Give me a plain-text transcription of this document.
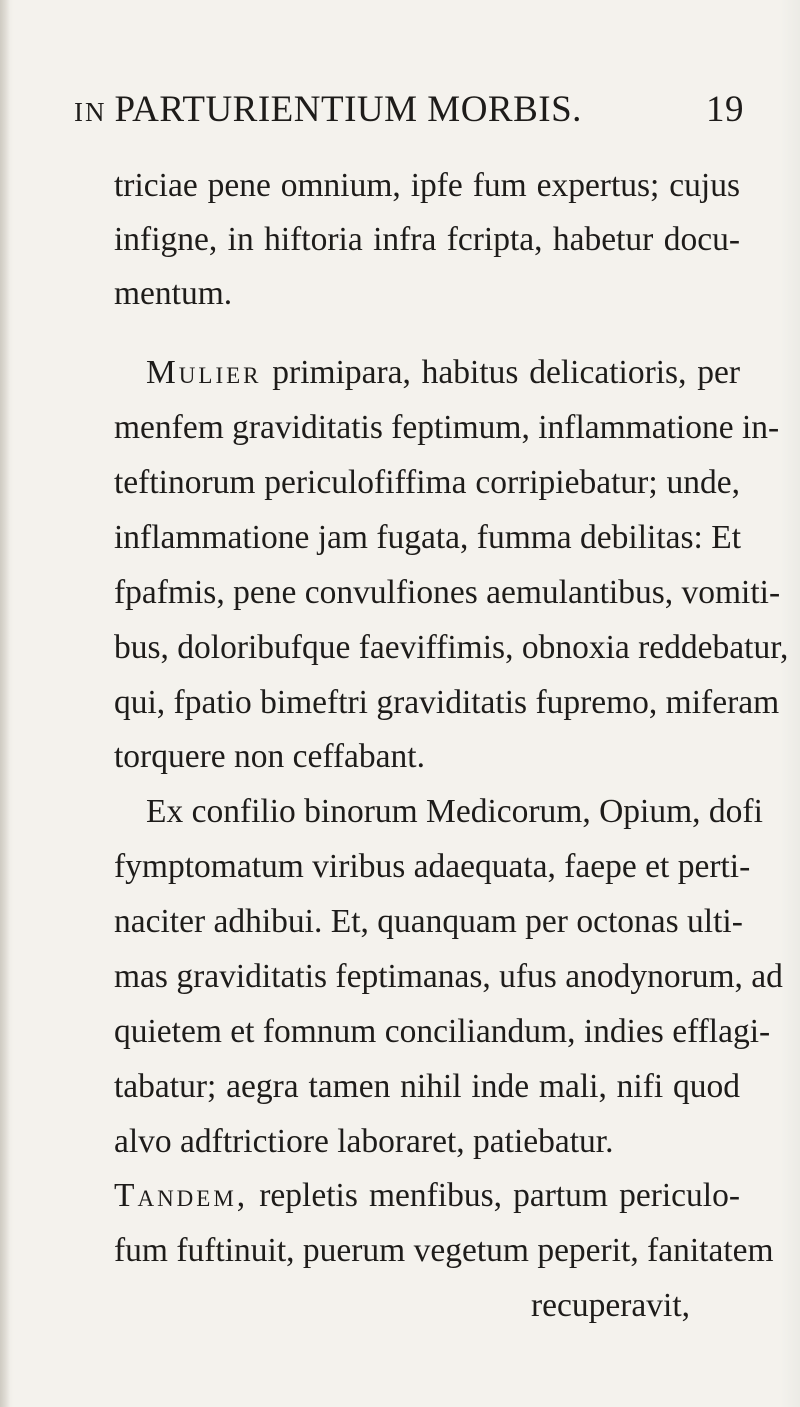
IN PARTURIENTIUM MORBIS.	19
triciae pene omnium, ipfe fum expertus; cujus
infigne, in hiftoria infra fcripta, habetur docu-
mentum.
Mulier primipara, habitus delicatioris, per
menfem graviditatis feptimum, inflammatione in-
teftinorum periculofiffima corripiebatur; unde,
inflammatione jam fugata, fumma debilitas: Et
fpafmis, pene convulfiones aemulantibus, vomiti-
bus, doloribufque faeviffimis, obnoxia reddebatur,
qui, fpatio bimeftri graviditatis fupremo, miferam
torquere non ceffabant.
Ex confilio binorum Medicorum, Opium, dofi
fymptomatum viribus adaequata, faepe et perti-
naciter adhibui. Et, quanquam per octonas ulti-
mas graviditatis feptimanas, ufus anodynorum, ad
quietem et fomnum conciliandum, indies efflagi-
tabatur; aegra tamen nihil inde mali, nifi quod
alvo adftrictiore laboraret, patiebatur.
Tandem, repletis menfibus, partum periculo-
fum fuftinuit, puerum vegetum peperit, fanitatem
recuperavit,
